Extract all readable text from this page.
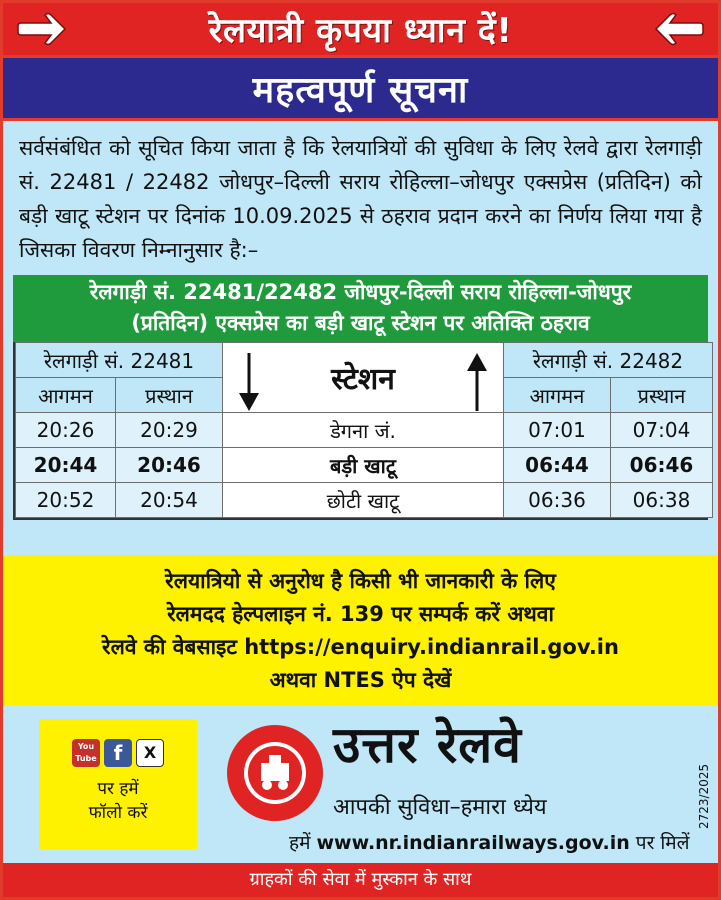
रेलयात्री कृपया ध्यान दें!
महत्वपूर्ण सूचना
सर्वसंबंधित को सूचित किया जाता है कि रेलयात्रियों की सुविधा के लिए रेलवे द्वारा रेलगाड़ी सं. 22481 / 22482 जोधपुर–दिल्ली सराय रोहिल्ला–जोधपुर एक्सप्रेस (प्रतिदिन) को बड़ी खाटू स्टेशन पर दिनांक 10.09.2025 से ठहराव प्रदान करने का निर्णय लिया गया है जिसका विवरण निम्नानुसार है:–
रेलगाड़ी सं. 22481/22482 जोधपुर-दिल्ली सराय रोहिल्ला-जोधपुर
(प्रतिदिन) एक्सप्रेस का बड़ी खाटू स्टेशन पर अतिक्ति ठहराव
रेलगाड़ी सं. 22481		स्टेशन	रेलगाड़ी सं. 22482	
आगमन	प्रस्थान		आगमन	प्रस्थान
20:26	20:29	डेगना जं.	07:01	07:04
20:44	20:46	बड़ी खाटू	06:44	06:46
20:52	20:54	छोटी खाटू	06:36	06:38
रेलयात्रियो से अनुरोध है किसी भी जानकारी के लिए
रेलमदद हेल्पलाइन नं. 139 पर सम्पर्क करें अथवा
रेलवे की वेबसाइट https://enquiry.indianrail.gov.in
अथवा NTES ऐप देखें
You Tube f	X
पर हमें
फॉलो करें
उत्तर रेलवे
आपकी सुविधा–हमारा ध्येय
हमें www.nr.indianrailways.gov.in पर मिलें
2723/2025
ग्राहकों की सेवा में मुस्कान के साथ
